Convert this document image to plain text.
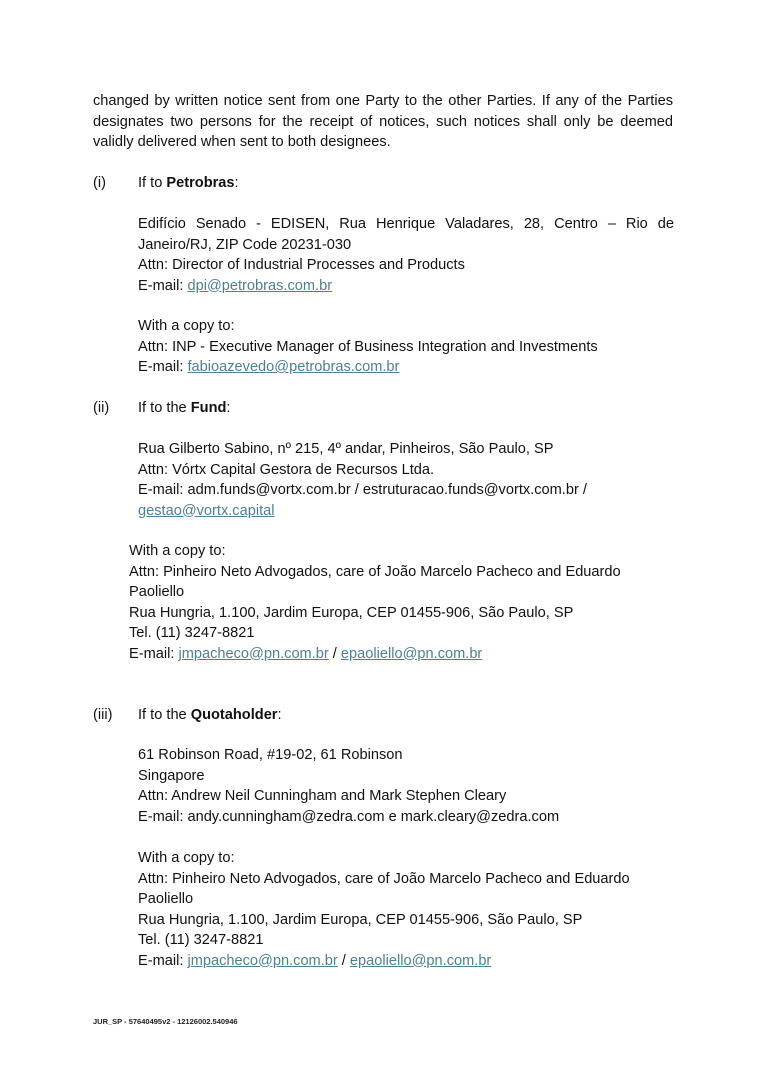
changed by written notice sent from one Party to the other Parties. If any of the Parties
designates two persons for the receipt of notices, such notices shall only be deemed
validly delivered when sent to both designees.
(i) If to Petrobras:
Edifício Senado - EDISEN, Rua Henrique Valadares, 28, Centro – Rio de
Janeiro/RJ, ZIP Code 20231-030
Attn: Director of Industrial Processes and Products
E-mail: dpi@petrobras.com.br
With a copy to:
Attn: INP - Executive Manager of Business Integration and Investments
E-mail: fabioazevedo@petrobras.com.br
(ii) If to the Fund:
Rua Gilberto Sabino, nº 215, 4º andar, Pinheiros, São Paulo, SP
Attn: Vórtx Capital Gestora de Recursos Ltda.
E-mail: adm.funds@vortx.com.br / estruturacao.funds@vortx.com.br /
gestao@vortx.capital
With a copy to:
Attn: Pinheiro Neto Advogados, care of João Marcelo Pacheco and Eduardo
Paoliello
Rua Hungria, 1.100, Jardim Europa, CEP 01455-906, São Paulo, SP
Tel. (11) 3247-8821
E-mail: jmpacheco@pn.com.br / epaoliello@pn.com.br
(iii) If to the Quotaholder:
61 Robinson Road, #19-02, 61 Robinson
Singapore
Attn: Andrew Neil Cunningham and Mark Stephen Cleary
E-mail: andy.cunningham@zedra.com e mark.cleary@zedra.com
With a copy to:
Attn: Pinheiro Neto Advogados, care of João Marcelo Pacheco and Eduardo
Paoliello
Rua Hungria, 1.100, Jardim Europa, CEP 01455-906, São Paulo, SP
Tel. (11) 3247-8821
E-mail: jmpacheco@pn.com.br / epaoliello@pn.com.br
JUR_SP - 57640495v2 - 12126002.540946
